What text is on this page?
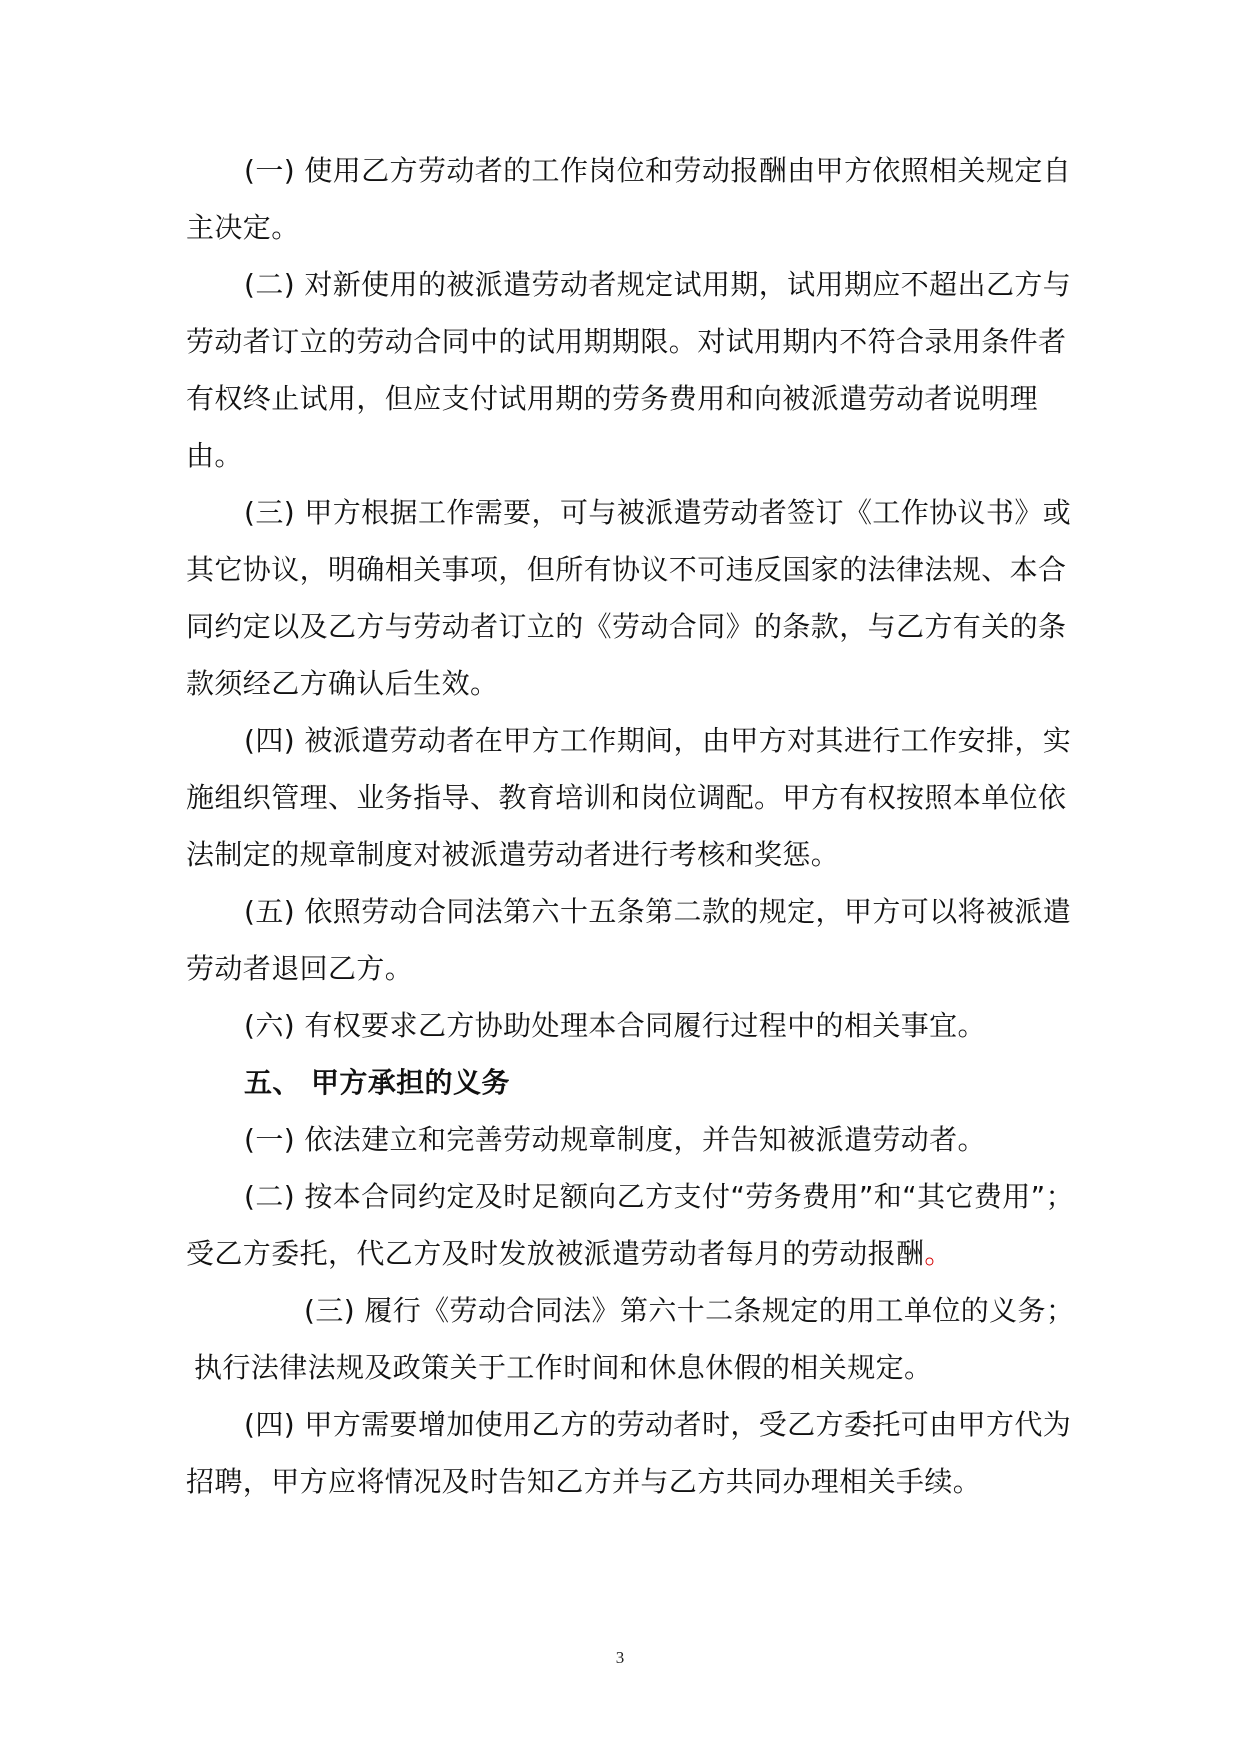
(一) 使用乙方劳动者的工作岗位和劳动报酬由甲方依照相关规定自主决定。

(二) 对新使用的被派遣劳动者规定试用期，试用期应不超出乙方与劳动者订立的劳动合同中的试用期期限。对试用期内不符合录用条件者有权终止试用，但应支付试用期的劳务费用和向被派遣劳动者说明理由。

(三) 甲方根据工作需要，可与被派遣劳动者签订《工作协议书》或其它协议，明确相关事项，但所有协议不可违反国家的法律法规、本合同约定以及乙方与劳动者订立的《劳动合同》的条款，与乙方有关的条款须经乙方确认后生效。

(四) 被派遣劳动者在甲方工作期间，由甲方对其进行工作安排，实施组织管理、业务指导、教育培训和岗位调配。甲方有权按照本单位依法制定的规章制度对被派遣劳动者进行考核和奖惩。

(五) 依照劳动合同法第六十五条第二款的规定，甲方可以将被派遣劳动者退回乙方。

(六) 有权要求乙方协助处理本合同履行过程中的相关事宜。

五、 甲方承担的义务

(一) 依法建立和完善劳动规章制度，并告知被派遣劳动者。

(二) 按本合同约定及时足额向乙方支付“劳务费用”和“其它费用”；受乙方委托，代乙方及时发放被派遣劳动者每月的劳动报酬。

(三) 履行《劳动合同法》第六十二条规定的用工单位的义务；
执行法律法规及政策关于工作时间和休息休假的相关规定。

(四) 甲方需要增加使用乙方的劳动者时，受乙方委托可由甲方代为招聘，甲方应将情况及时告知乙方并与乙方共同办理相关手续。

3
